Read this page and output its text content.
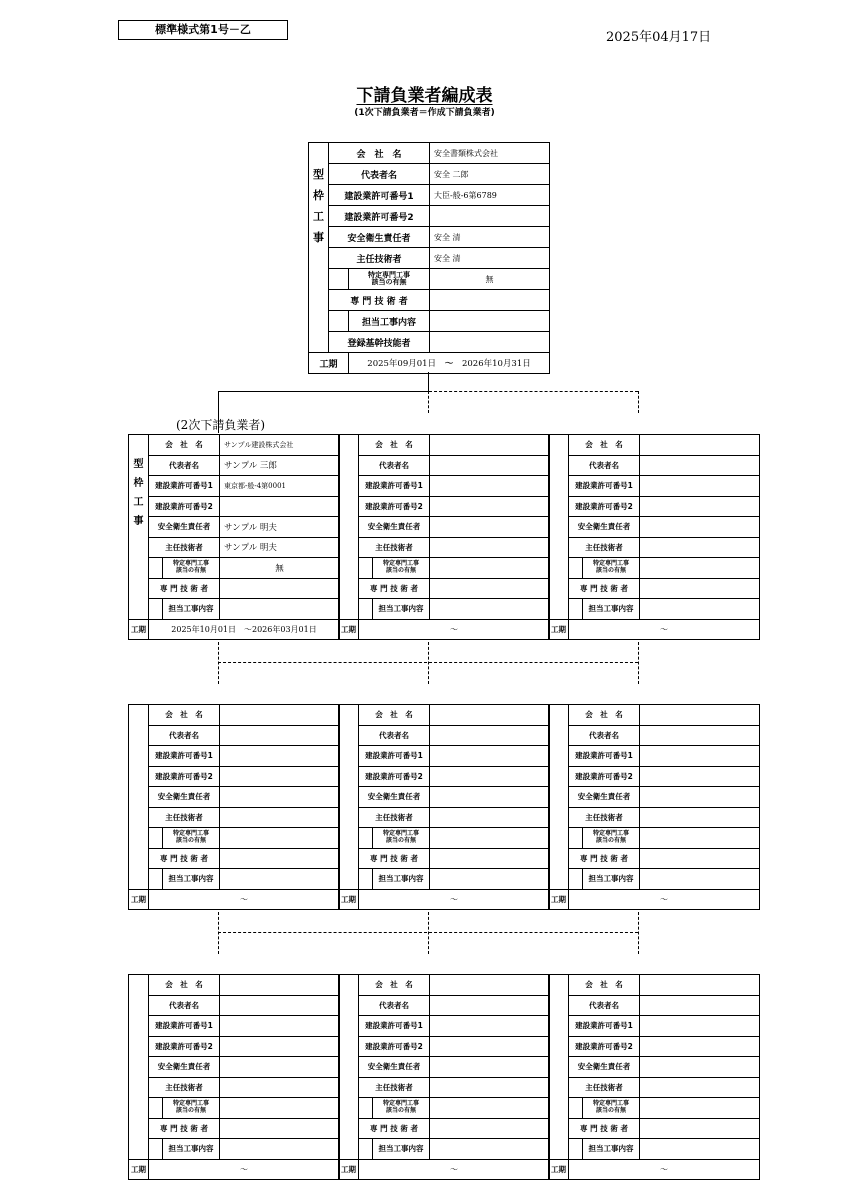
標準様式第1号－乙
2025年04月17日
下請負業者編成表
(1次下請負業者＝作成下請負業者)
型
枠
工
事	会　社　名		安全書類株式会社
	代表者名		安全 二郎
	建設業許可番号1		大臣-般-6第6789
	建設業許可番号2		
	安全衛生責任者		安全 清
	主任技術者		安全 清
		特定専門工事
該当の有無	無
	専 門 技 術 者		
		担当工事内容	
	登録基幹技能者		
工期		2025年09月01日 〜 2026年10月31日	
(2次下請負業者)
型
枠
工
事	会　社　名		サンプル建設株式会社
	代表者名		サンプル 三郎
	建設業許可番号1		東京都-般-4第0001
	建設業許可番号2		
	安全衛生責任者		サンプル 明夫
	主任技術者		サンプル 明夫
		特定専門工事
該当の有無	無
	専 門 技 術 者		
		担当工事内容	
工期	2025年10月01日　～2026年03月01日		
	会　社　名		
	代表者名		
	建設業許可番号1		
	建設業許可番号2		
	安全衛生責任者		
	主任技術者		
		特定専門工事
該当の有無	
	専 門 技 術 者		
		担当工事内容	
工期	～		
	会　社　名		
	代表者名		
	建設業許可番号1		
	建設業許可番号2		
	安全衛生責任者		
	主任技術者		
		特定専門工事
該当の有無	
	専 門 技 術 者		
		担当工事内容	
工期	～		
	会　社　名		
	代表者名		
	建設業許可番号1		
	建設業許可番号2		
	安全衛生責任者		
	主任技術者		
		特定専門工事
該当の有無	
	専 門 技 術 者		
		担当工事内容	
工期	～		
	会　社　名		
	代表者名		
	建設業許可番号1		
	建設業許可番号2		
	安全衛生責任者		
	主任技術者		
		特定専門工事
該当の有無	
	専 門 技 術 者		
		担当工事内容	
工期	～		
	会　社　名		
	代表者名		
	建設業許可番号1		
	建設業許可番号2		
	安全衛生責任者		
	主任技術者		
		特定専門工事
該当の有無	
	専 門 技 術 者		
		担当工事内容	
工期	～		
	会　社　名		
	代表者名		
	建設業許可番号1		
	建設業許可番号2		
	安全衛生責任者		
	主任技術者		
		特定専門工事
該当の有無	
	専 門 技 術 者		
		担当工事内容	
工期	～		
	会　社　名		
	代表者名		
	建設業許可番号1		
	建設業許可番号2		
	安全衛生責任者		
	主任技術者		
		特定専門工事
該当の有無	
	専 門 技 術 者		
		担当工事内容	
工期	～		
	会　社　名		
	代表者名		
	建設業許可番号1		
	建設業許可番号2		
	安全衛生責任者		
	主任技術者		
		特定専門工事
該当の有無	
	専 門 技 術 者		
		担当工事内容	
工期	～		
